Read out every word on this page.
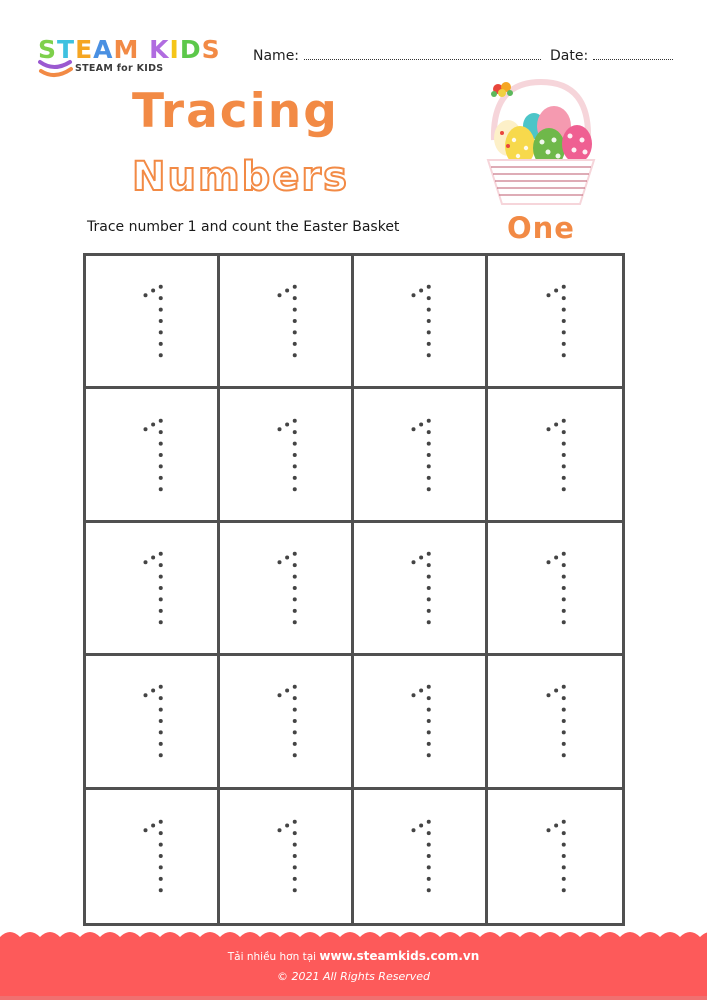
STEAM KIDS
STEAM for KIDS
Name:	Date:
Tracing
Numbers
Trace number 1 and count the Easter Basket	One
Tải nhiều hơn tại www.steamkids.com.vn
© 2021 All Rights Reserved
